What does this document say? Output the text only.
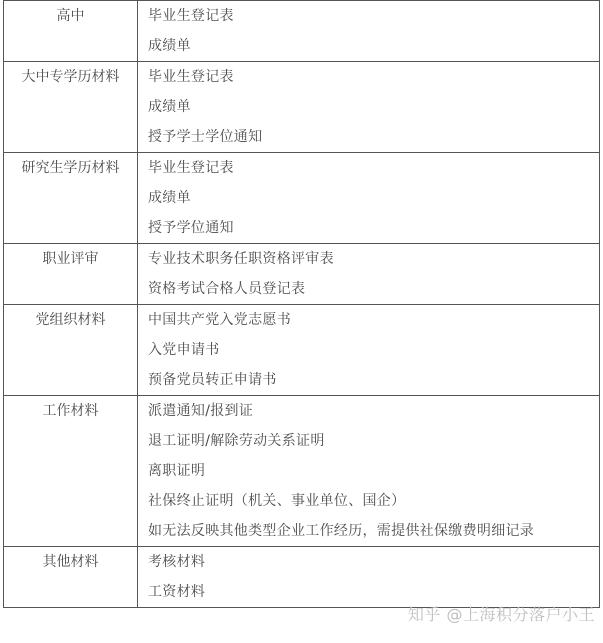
高中	毕业生登记表
成绩单

大中专学历材料	毕业生登记表
成绩单
授予学士学位通知

研究生学历材料	毕业生登记表
成绩单
授予学位通知

职业评审	专业技术职务任职资格评审表
资格考试合格人员登记表

党组织材料	中国共产党入党志愿书
入党申请书
预备党员转正申请书

工作材料	派遣通知/报到证
退工证明/解除劳动关系证明
离职证明
社保终止证明（机关、事业单位、国企）
如无法反映其他类型企业工作经历，需提供社保缴费明细记录

其他材料	考核材料
工资材料
知乎 @上海积分落户小王
